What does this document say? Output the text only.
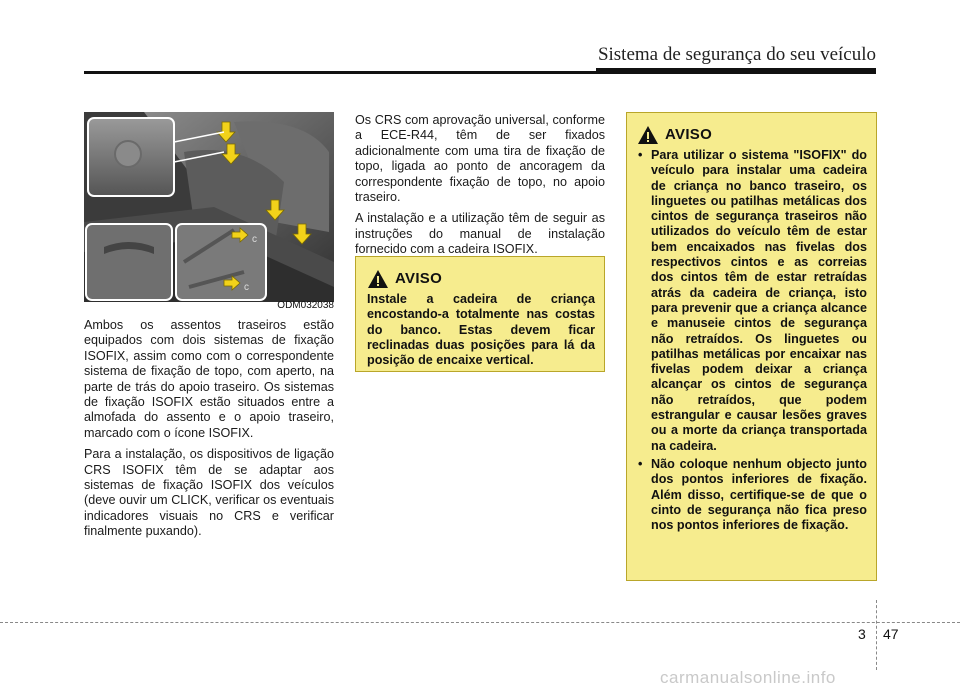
Sistema de segurança do seu veículo
c
c
ODM032038

Ambos os assentos traseiros estão equipados com dois sistemas de fixação ISOFIX, assim como com o correspondente sistema de fixação de topo, com aperto, na parte de trás do apoio traseiro. Os sistemas de fixação ISOFIX estão situados entre a almofada do assento e o apoio traseiro, marcado com o ícone ISOFIX.

Para a instalação, os dispositivos de ligação CRS ISOFIX têm de se adaptar aos sistemas de fixação ISOFIX dos veículos (deve ouvir um CLICK, verificar os eventuais indicadores visuais no CRS e verificar finalmente puxando).

Os CRS com aprovação universal, conforme a ECE-R44, têm de ser fixados adicionalmente com uma tira de fixação de topo, ligada ao ponto de ancoragem da correspondente fixação de topo, no apoio traseiro.

A instalação e a utilização têm de seguir as instruções do manual de instalação fornecido com a cadeira ISOFIX.

AVISO
Instale a cadeira de criança encostando-a totalmente nas costas do banco. Estas devem ficar reclinadas duas posições para lá da posição de encaixe vertical.
AVISO
• Para utilizar o sistema "ISOFIX" do veículo para instalar uma cadeira de criança no banco traseiro, os linguetes ou patilhas metálicas dos cintos de segurança traseiros não utilizados do veículo têm de estar bem encaixados nas fivelas dos respectivos cintos e as correias dos cintos têm de estar retraídas atrás da cadeira de criança, isto para prevenir que a criança alcance e manuseie cintos de segurança não retraídos. Os linguetes ou patilhas metálicas por encaixar nas fivelas podem deixar a criança alcançar os cintos de segurança não retraídos, que podem estrangular e causar lesões graves ou a morte da criança transportada na cadeira.
• Não coloque nenhum objecto junto dos pontos inferiores de fixação. Além disso, certifique-se de que o cinto de segurança não fica preso nos pontos inferiores de fixação.
3 47
carmanualsonline.info
